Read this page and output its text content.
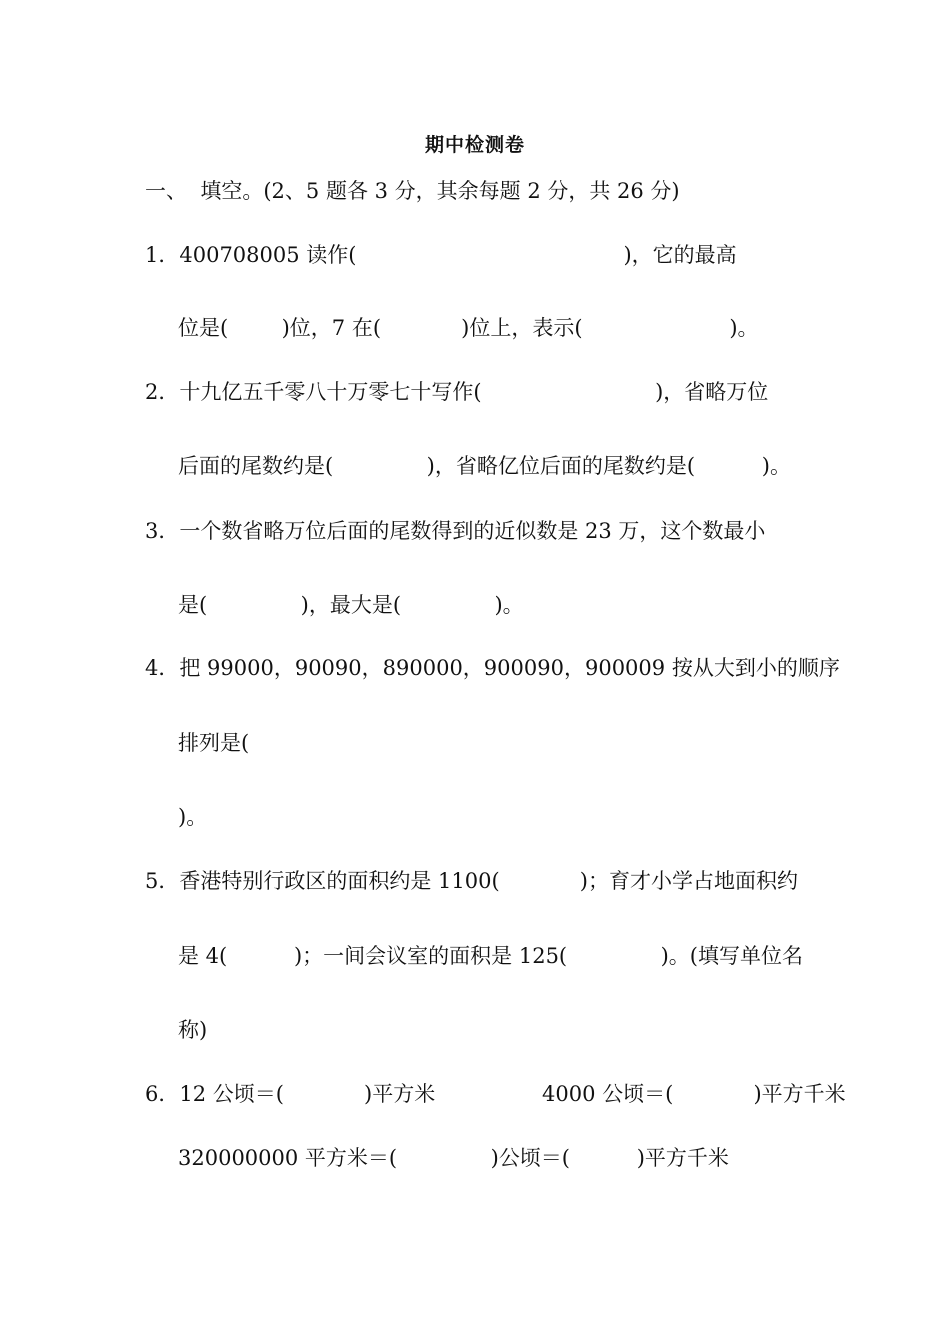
期中检测卷
一、  填空。(2、5 题各 3 分，其余每题 2 分，共 26 分)
1．400708005 读作(                                        )，它的最高
位是(        )位，7 在(            )位上，表示(                      )。
2．十九亿五千零八十万零七十写作(                          )，省略万位
后面的尾数约是(              )，省略亿位后面的尾数约是(          )。
3．一个数省略万位后面的尾数得到的近似数是 23 万，这个数最小
是(              )，最大是(              )。
4．把 99000，90090，890000，900090，900009 按从大到小的顺序
排列是(
)。
5．香港特别行政区的面积约是 1100(            )；育才小学占地面积约
是 4(          )；一间会议室的面积是 125(              )。(填写单位名
称)
6．12 公顷＝(            )平方米                4000 公顷＝(            )平方千米
320000000 平方米＝(              )公顷＝(          )平方千米
